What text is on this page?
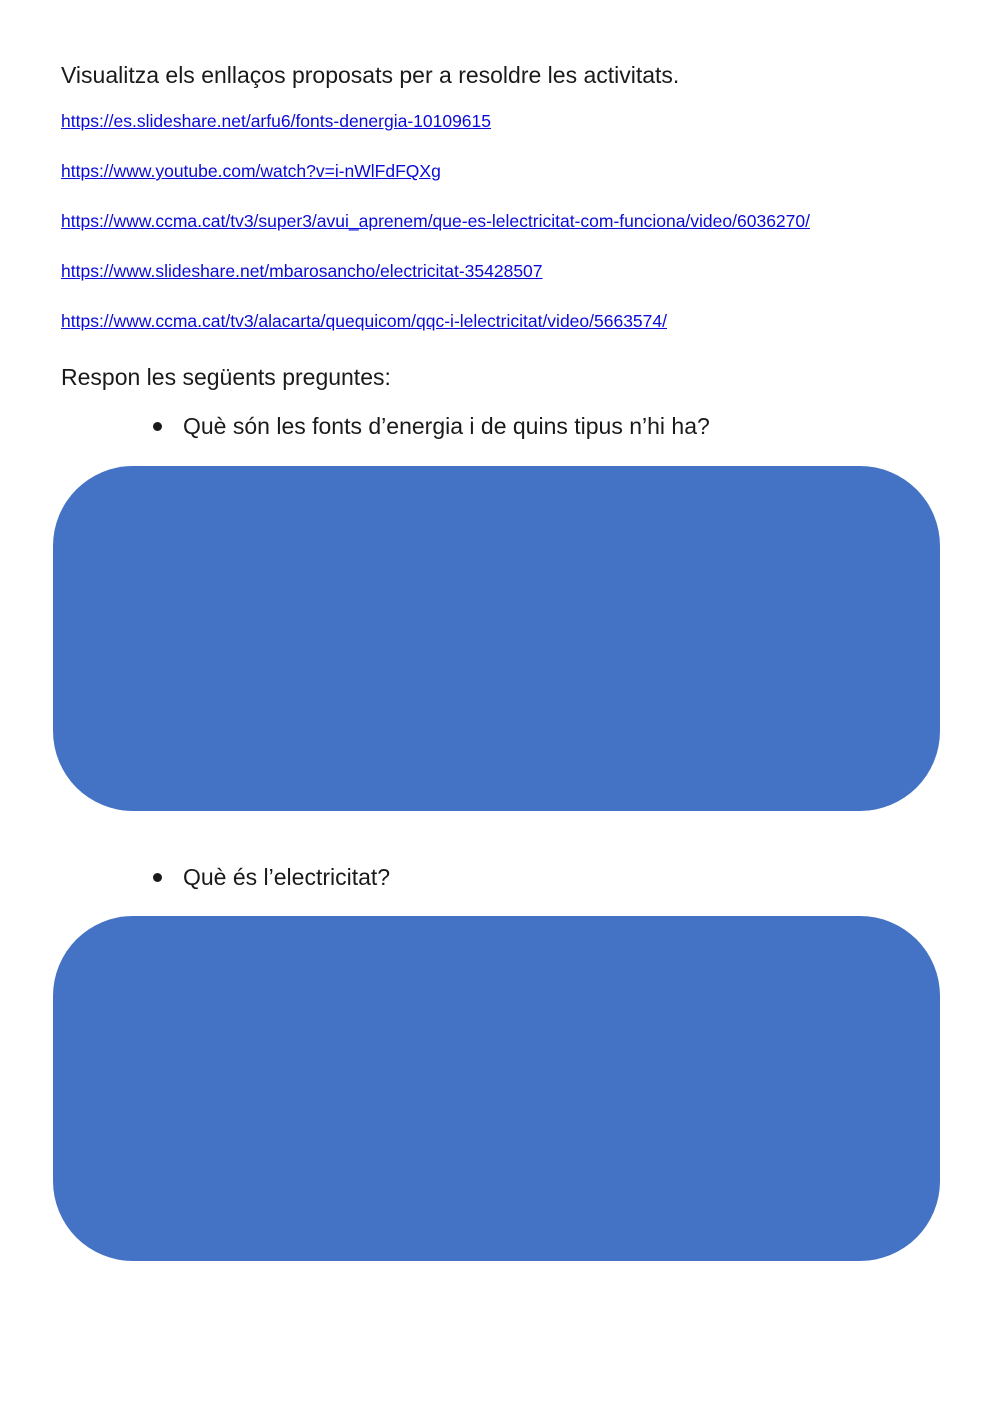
Visualitza els enllaços proposats per a resoldre les activitats.

https://es.slideshare.net/arfu6/fonts-denergia-10109615
https://www.youtube.com/watch?v=i-nWlFdFQXg
https://www.ccma.cat/tv3/super3/avui_aprenem/que-es-lelectricitat-com-funciona/video/6036270/
https://www.slideshare.net/mbarosancho/electricitat-35428507
https://www.ccma.cat/tv3/alacarta/quequicom/qqc-i-lelectricitat/video/5663574/

Respon les següents preguntes:

Què són les fonts d’energia i de quins tipus n’hi ha?
Què és l’electricitat?
